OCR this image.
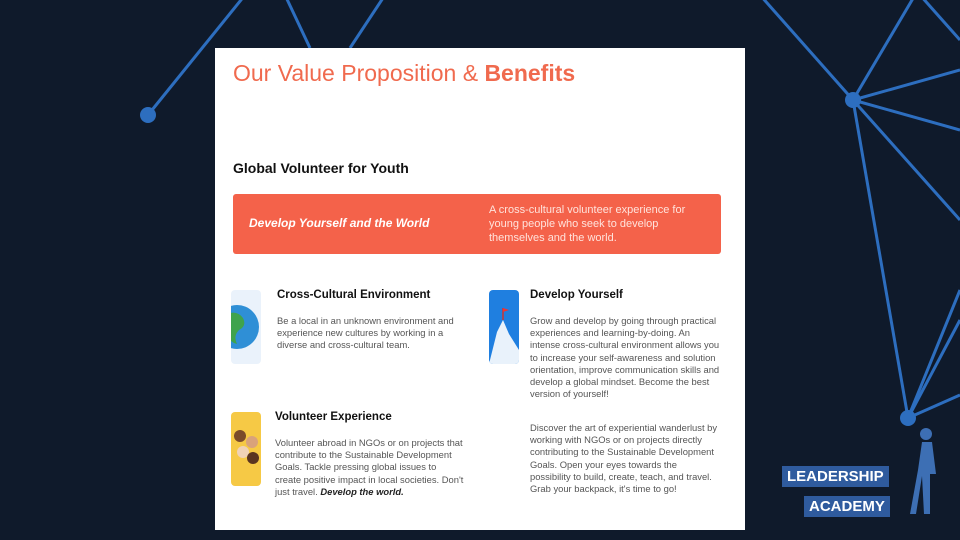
Our Value Proposition & Benefits
Global Volunteer for Youth
Develop Yourself and the World
A cross-cultural volunteer experience for young people who seek to develop themselves and the world.
Cross-Cultural Environment
Be a local in an unknown environment and experience new cultures by working in a diverse and cross-cultural team.
Develop Yourself
Grow and develop by going through practical experiences and learning-by-doing. An intense cross-cultural environment allows you to increase your self-awareness and solution orientation, improve communication skills and develop a global mindset. Become the best version of yourself!
Volunteer Experience
Volunteer abroad in NGOs or on projects that contribute to the Sustainable Development Goals. Tackle pressing global issues to create positive impact in local societies. Don't just travel. Develop the world.
Discover the art of experiential wanderlust by working with NGOs or on projects directly contributing to the Sustainable Development Goals. Open your eyes towards the possibility to build, create, teach, and travel. Grab your backpack, it's time to go!
LEADERSHIP
ACADEMY
